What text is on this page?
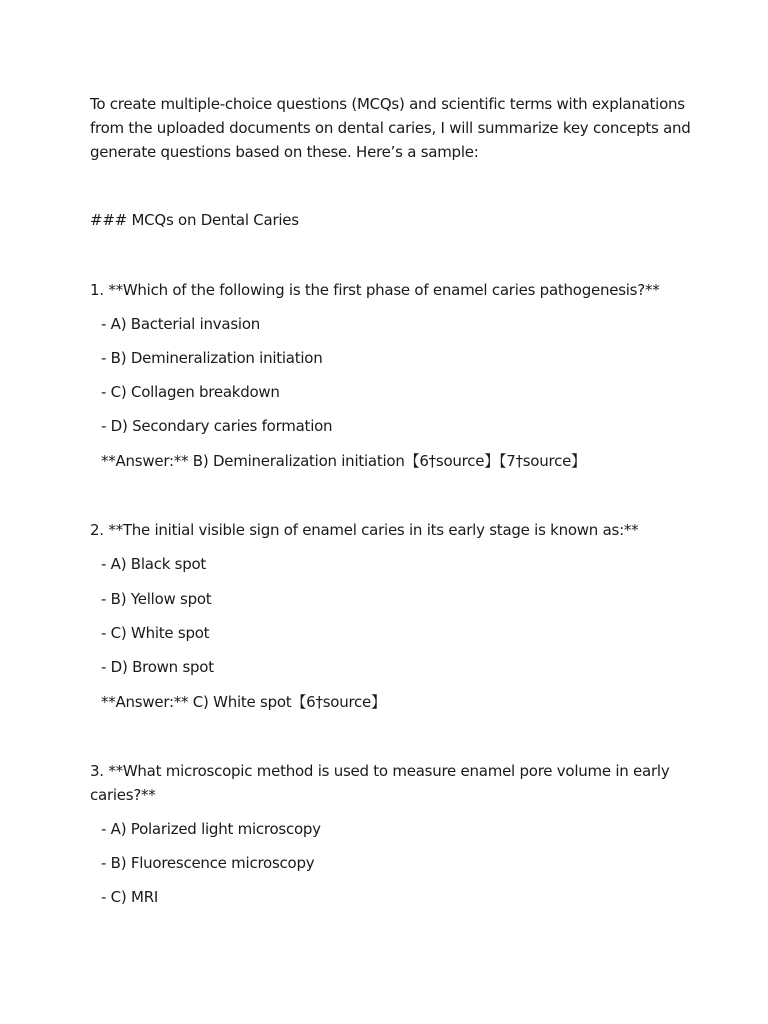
To create multiple-choice questions (MCQs) and scientific terms with explanations
from the uploaded documents on dental caries, I will summarize key concepts and
generate questions based on these. Here’s a sample:
### MCQs on Dental Caries
1. **Which of the following is the first phase of enamel caries pathogenesis?**
- A) Bacterial invasion
- B) Demineralization initiation
- C) Collagen breakdown
- D) Secondary caries formation
**Answer:** B) Demineralization initiation【6†source】【7†source】
2. **The initial visible sign of enamel caries in its early stage is known as:**
- A) Black spot
- B) Yellow spot
- C) White spot
- D) Brown spot
**Answer:** C) White spot【6†source】
3. **What microscopic method is used to measure enamel pore volume in early
caries?**
- A) Polarized light microscopy
- B) Fluorescence microscopy
- C) MRI
